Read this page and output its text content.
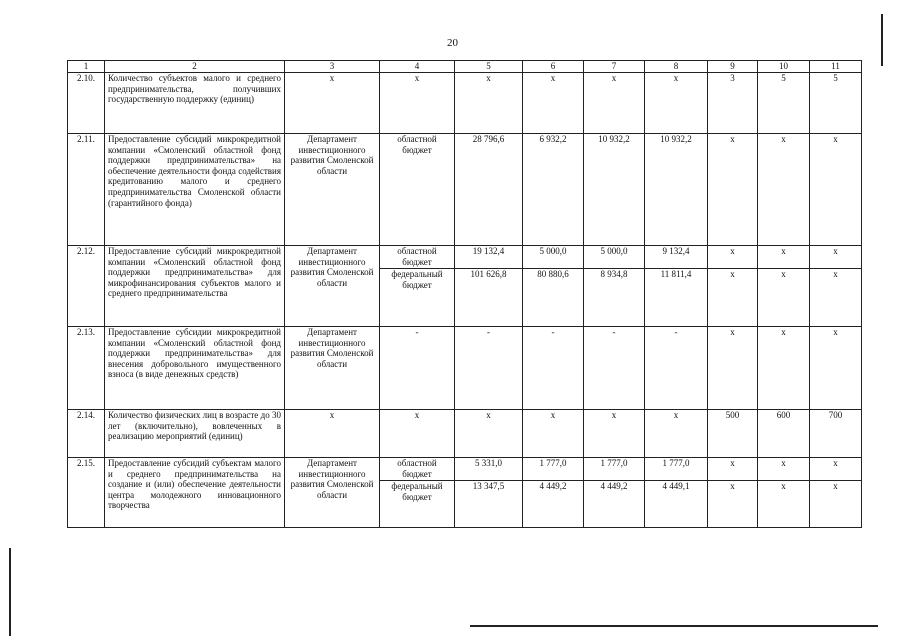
20
1	2	3	4	5	6	7	8	9	10	11
2.10.	Количество субъектов малого и среднего предпринимательства, получивших государственную поддержку (единиц)	x	x	x	x	x	x	3	5	5
2.11.	Предоставление субсидий микрокредитной компании «Смоленский областной фонд поддержки предпринимательства» на обеспечение деятельности фонда содействия кредитованию малого и среднего предпринимательства Смоленской области (гарантийного фонда)	Департамент инвестиционного развития Смоленской области	областной бюджет	28 796,6	6 932,2	10 932,2	10 932,2	x	x	x
2.12.	Предоставление субсидий микрокредитной компании «Смоленский областной фонд поддержки предпринимательства» для микрофинансирования субъектов малого и среднего предпринимательства	Департамент инвестиционного развития Смоленской области	областной бюджет	19 132,4	5 000,0	5 000,0	9 132,4	x	x	x
			федеральный бюджет	101 626,8	80 880,6	8 934,8	11 811,4	x	x	x
2.13.	Предоставление субсидии микрокредитной компании «Смоленский областной фонд поддержки предпринимательства» для внесения добровольного имущественного взноса (в виде денежных средств)	Департамент инвестиционного развития Смоленской области	-	-	-	-	-	x	x	x
2.14.	Количество физических лиц в возрасте до 30 лет (включительно), вовлеченных в реализацию мероприятий (единиц)	x	x	x	x	x	x	500	600	700
2.15.	Предоставление субсидий субъектам малого и среднего предпринимательства на создание и (или) обеспечение деятельности центра молодежного инновационного творчества	Департамент инвестиционного развития Смоленской области	областной бюджет	5 331,0	1 777,0	1 777,0	1 777,0	x	x	x
			федеральный бюджет	13 347,5	4 449,2	4 449,2	4 449,1	x	x	x
